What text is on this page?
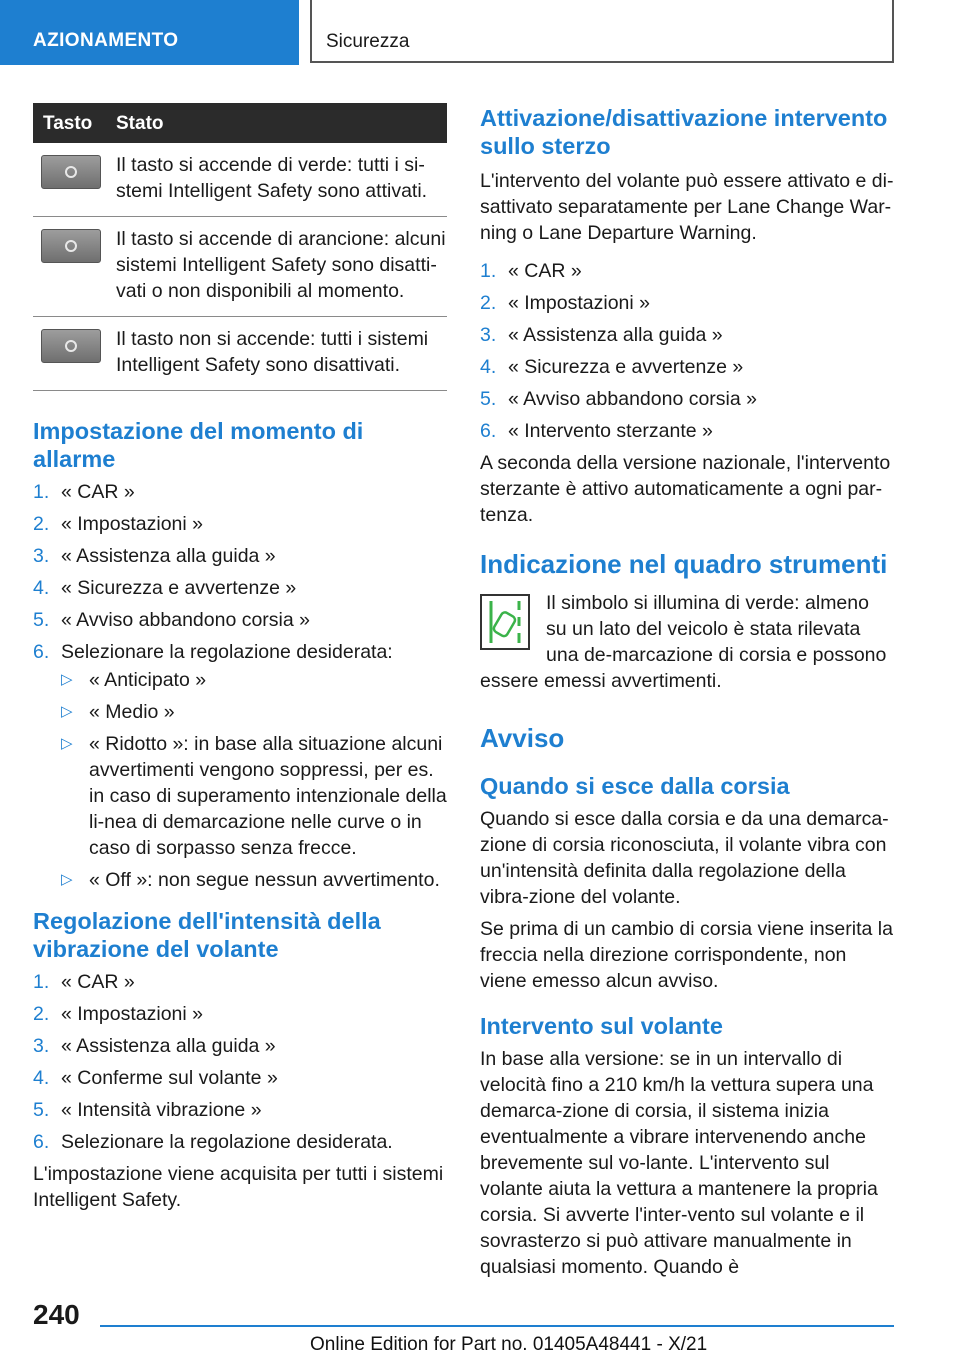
AZIONAMENTO	Sicurezza
Tasto Stato
Il tasto si accende di verde: tutti i si-stemi Intelligent Safety sono attivati.
Il tasto si accende di arancione: alcuni sistemi Intelligent Safety sono disatti-vati o non disponibili al momento.
Il tasto non si accende: tutti i sistemi Intelligent Safety sono disattivati.
Impostazione del momento di allarme
1. « CAR »
2. « Impostazioni »
3. « Assistenza alla guida »
4. « Sicurezza e avvertenze »
5. « Avviso abbandono corsia »
6. Selezionare la regolazione desiderata:
▷ « Anticipato »
▷ « Medio »
▷ « Ridotto »: in base alla situazione alcuni avvertimenti vengono soppressi, per es. in caso di superamento intenzionale della li-nea di demarcazione nelle curve o in caso di sorpasso senza frecce.
▷ « Off »: non segue nessun avvertimento.
Regolazione dell'intensità della vibrazione del volante
1. « CAR »
2. « Impostazioni »
3. « Assistenza alla guida »
4. « Conferme sul volante »
5. « Intensità vibrazione »
6. Selezionare la regolazione desiderata.

L'impostazione viene acquisita per tutti i sistemi Intelligent Safety.

Attivazione/disattivazione intervento sullo sterzo

L'intervento del volante può essere attivato e di-sattivato separatamente per Lane Change War-ning o Lane Departure Warning.

1. « CAR »
2. « Impostazioni »
3. « Assistenza alla guida »
4. « Sicurezza e avvertenze »
5. « Avviso abbandono corsia »
6. « Intervento sterzante »

A seconda della versione nazionale, l'intervento sterzante è attivo automaticamente a ogni par-tenza.

Indicazione nel quadro strumenti

Il simbolo si illumina di verde: almeno su un lato del veicolo è stata rilevata una de-marcazione di corsia e possono essere emessi avvertimenti.

Avviso
Quando si esce dalla corsia

Quando si esce dalla corsia e da una demarca-zione di corsia riconosciuta, il volante vibra con un'intensità definita dalla regolazione della vibra-zione del volante.

Se prima di un cambio di corsia viene inserita la freccia nella direzione corrispondente, non viene emesso alcun avviso.

Intervento sul volante

In base alla versione: se in un intervallo di velocità fino a 210 km/h la vettura supera una demarca-zione di corsia, il sistema inizia eventualmente a vibrare intervenendo anche brevemente sul vo-lante. L'intervento sul volante aiuta la vettura a mantenere la propria corsia. Si avverte l'inter-vento sul volante e il sovrasterzo si può attivare manualmente in qualsiasi momento. Quando è

240
Online Edition for Part no. 01405A48441 - X/21
